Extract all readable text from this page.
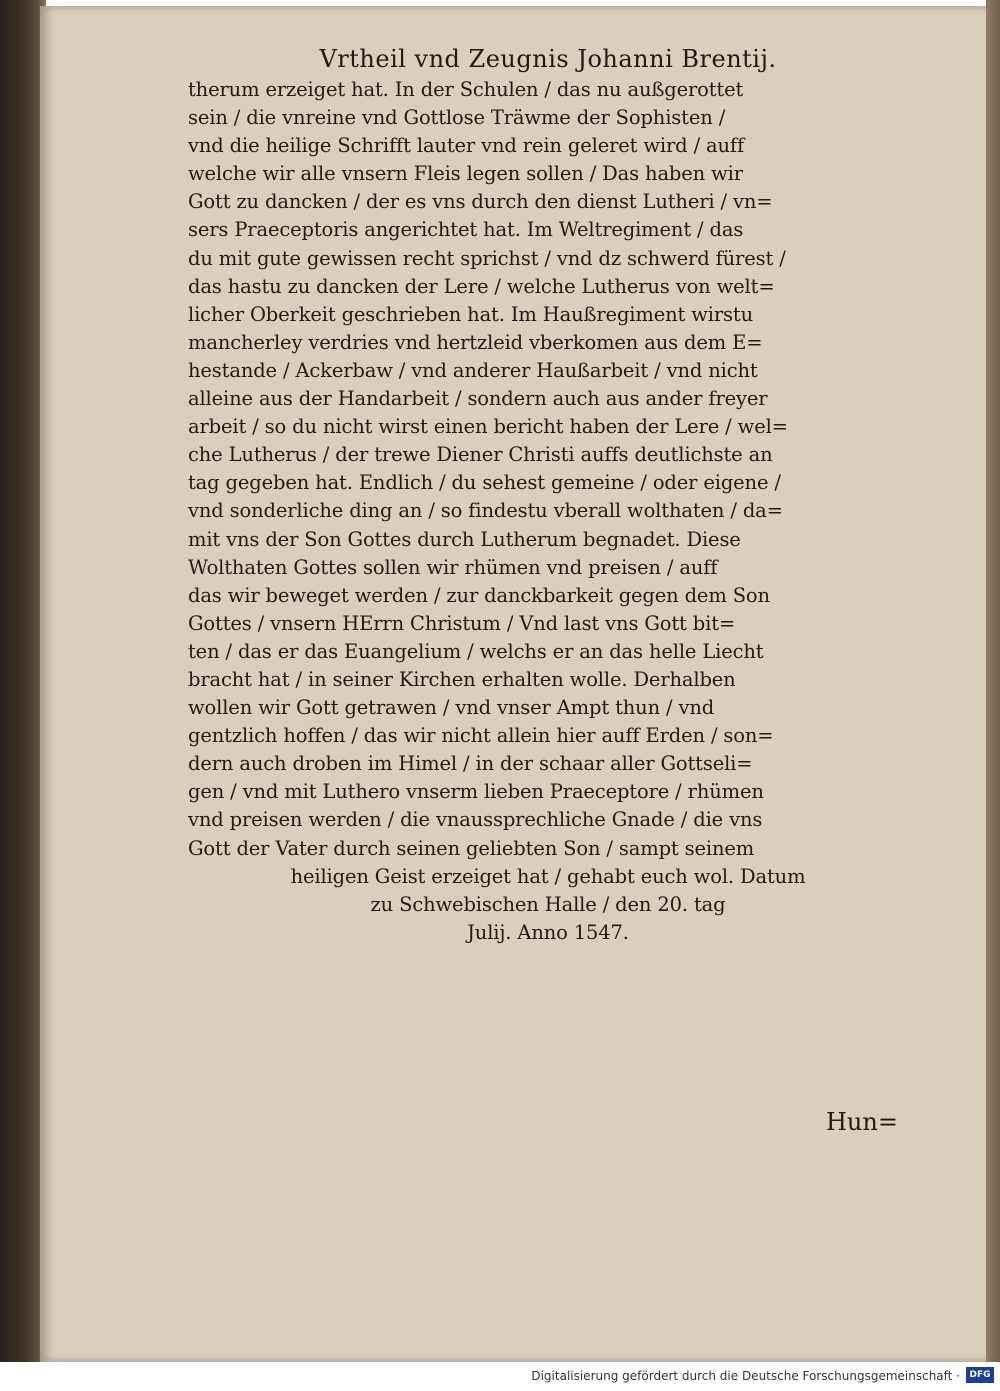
Vrtheil vnd Zeugnis Johanni Brentij.
therum erzeiget hat. In der Schulen / das nu außgerottet
sein / die vnreine vnd Gottlose Träwme der Sophisten /
vnd die heilige Schrifft lauter vnd rein geleret wird / auff
welche wir alle vnsern Fleis legen sollen / Das haben wir
Gott zu dancken / der es vns durch den dienst Lutheri / vn=
sers Praeceptoris angerichtet hat. Im Weltregiment / das
du mit gute gewissen recht sprichst / vnd dz schwerd fürest /
das hastu zu dancken der Lere / welche Lutherus von welt=
licher Oberkeit geschrieben hat. Im Haußregiment wirstu
mancherley verdries vnd hertzleid vberkomen aus dem E=
hestande / Ackerbaw / vnd anderer Haußarbeit / vnd nicht
alleine aus der Handarbeit / sondern auch aus ander freyer
arbeit / so du nicht wirst einen bericht haben der Lere / wel=
che Lutherus / der trewe Diener Christi auffs deutlichste an
tag gegeben hat. Endlich / du sehest gemeine / oder eigene /
vnd sonderliche ding an / so findestu vberall wolthaten / da=
mit vns der Son Gottes durch Lutherum begnadet. Diese
Wolthaten Gottes sollen wir rhümen vnd preisen / auff
das wir beweget werden / zur danckbarkeit gegen dem Son
Gottes / vnsern HErrn Christum / Vnd last vns Gott bit=
ten / das er das Euangelium / welchs er an das helle Liecht
bracht hat / in seiner Kirchen erhalten wolle. Derhalben
wollen wir Gott getrawen / vnd vnser Ampt thun / vnd
gentzlich hoffen / das wir nicht allein hier auff Erden / son=
dern auch droben im Himel / in der schaar aller Gottseli=
gen / vnd mit Luthero vnserm lieben Praeceptore / rhümen
vnd preisen werden / die vnaussprechliche Gnade / die vns
Gott der Vater durch seinen geliebten Son / sampt seinem
heiligen Geist erzeiget hat / gehabt euch wol. Datum
zu Schwebischen Halle / den 20. tag
Julij. Anno 1547.
Hun=
Digitalisierung gefördert durch die Deutsche Forschungsgemeinschaft ·	DFG
